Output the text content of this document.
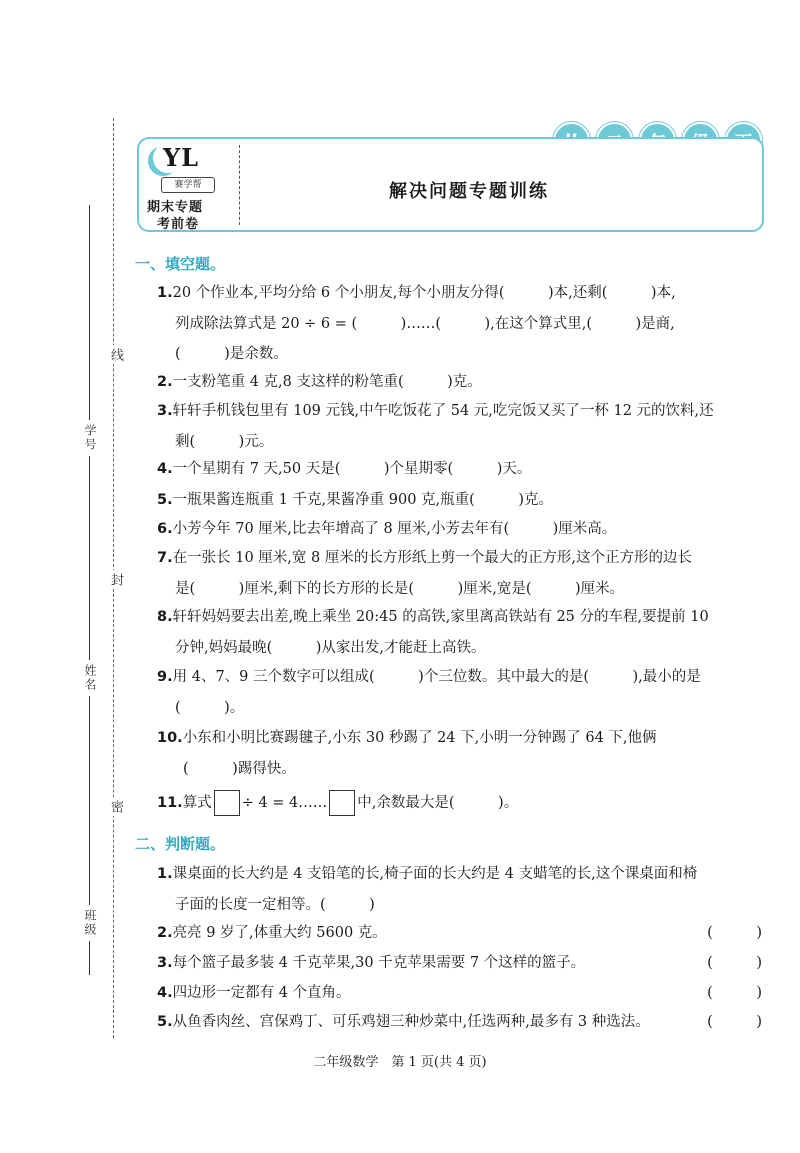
学号
姓名
班级
线
封
密
YL
赛学帮
期末专题
考前卷
解决问题专题训练
一、填空题。
1.20 个作业本,平均分给 6 个小朋友,每个小朋友分得(　　　)本,还剩(　　　)本,
列成除法算式是 20 ÷ 6 = (　　　)……(　　　),在这个算式里,(　　　)是商,
(　　　)是余数。
2.一支粉笔重 4 克,8 支这样的粉笔重(　　　)克。
3.轩轩手机钱包里有 109 元钱,中午吃饭花了 54 元,吃完饭又买了一杯 12 元的饮料,还
剩(　　　)元。
4.一个星期有 7 天,50 天是(　　　)个星期零(　　　)天。
5.一瓶果酱连瓶重 1 千克,果酱净重 900 克,瓶重(　　　)克。
6.小芳今年 70 厘米,比去年增高了 8 厘米,小芳去年有(　　　)厘米高。
7.在一张长 10 厘米,宽 8 厘米的长方形纸上剪一个最大的正方形,这个正方形的边长
是(　　　)厘米,剩下的长方形的长是(　　　)厘米,宽是(　　　)厘米。
8.轩轩妈妈要去出差,晚上乘坐 20:45 的高铁,家里离高铁站有 25 分的车程,要提前 10
分钟,妈妈最晚(　　　)从家出发,才能赶上高铁。
9.用 4、7、9 三个数字可以组成(　　　)个三位数。其中最大的是(　　　),最小的是
(　　　)。
10.小东和小明比赛踢毽子,小东 30 秒踢了 24 下,小明一分钟踢了 64 下,他俩
(　　　)踢得快。
11.算式 ÷ 4 = 4…… 中,余数最大是(　　　)。
二、判断题。
1.课桌面的长大约是 4 支铅笔的长,椅子面的长大约是 4 支蜡笔的长,这个课桌面和椅
子面的长度一定相等。(　　　)
2.亮亮 9 岁了,体重大约 5600 克。	(　　　)
3.每个篮子最多装 4 千克苹果,30 千克苹果需要 7 个这样的篮子。	(　　　)
4.四边形一定都有 4 个直角。	(　　　)
5.从鱼香肉丝、宫保鸡丁、可乐鸡翅三种炒菜中,任选两种,最多有 3 种选法。	(　　　)
二年级数学　第 1 页(共 4 页)
